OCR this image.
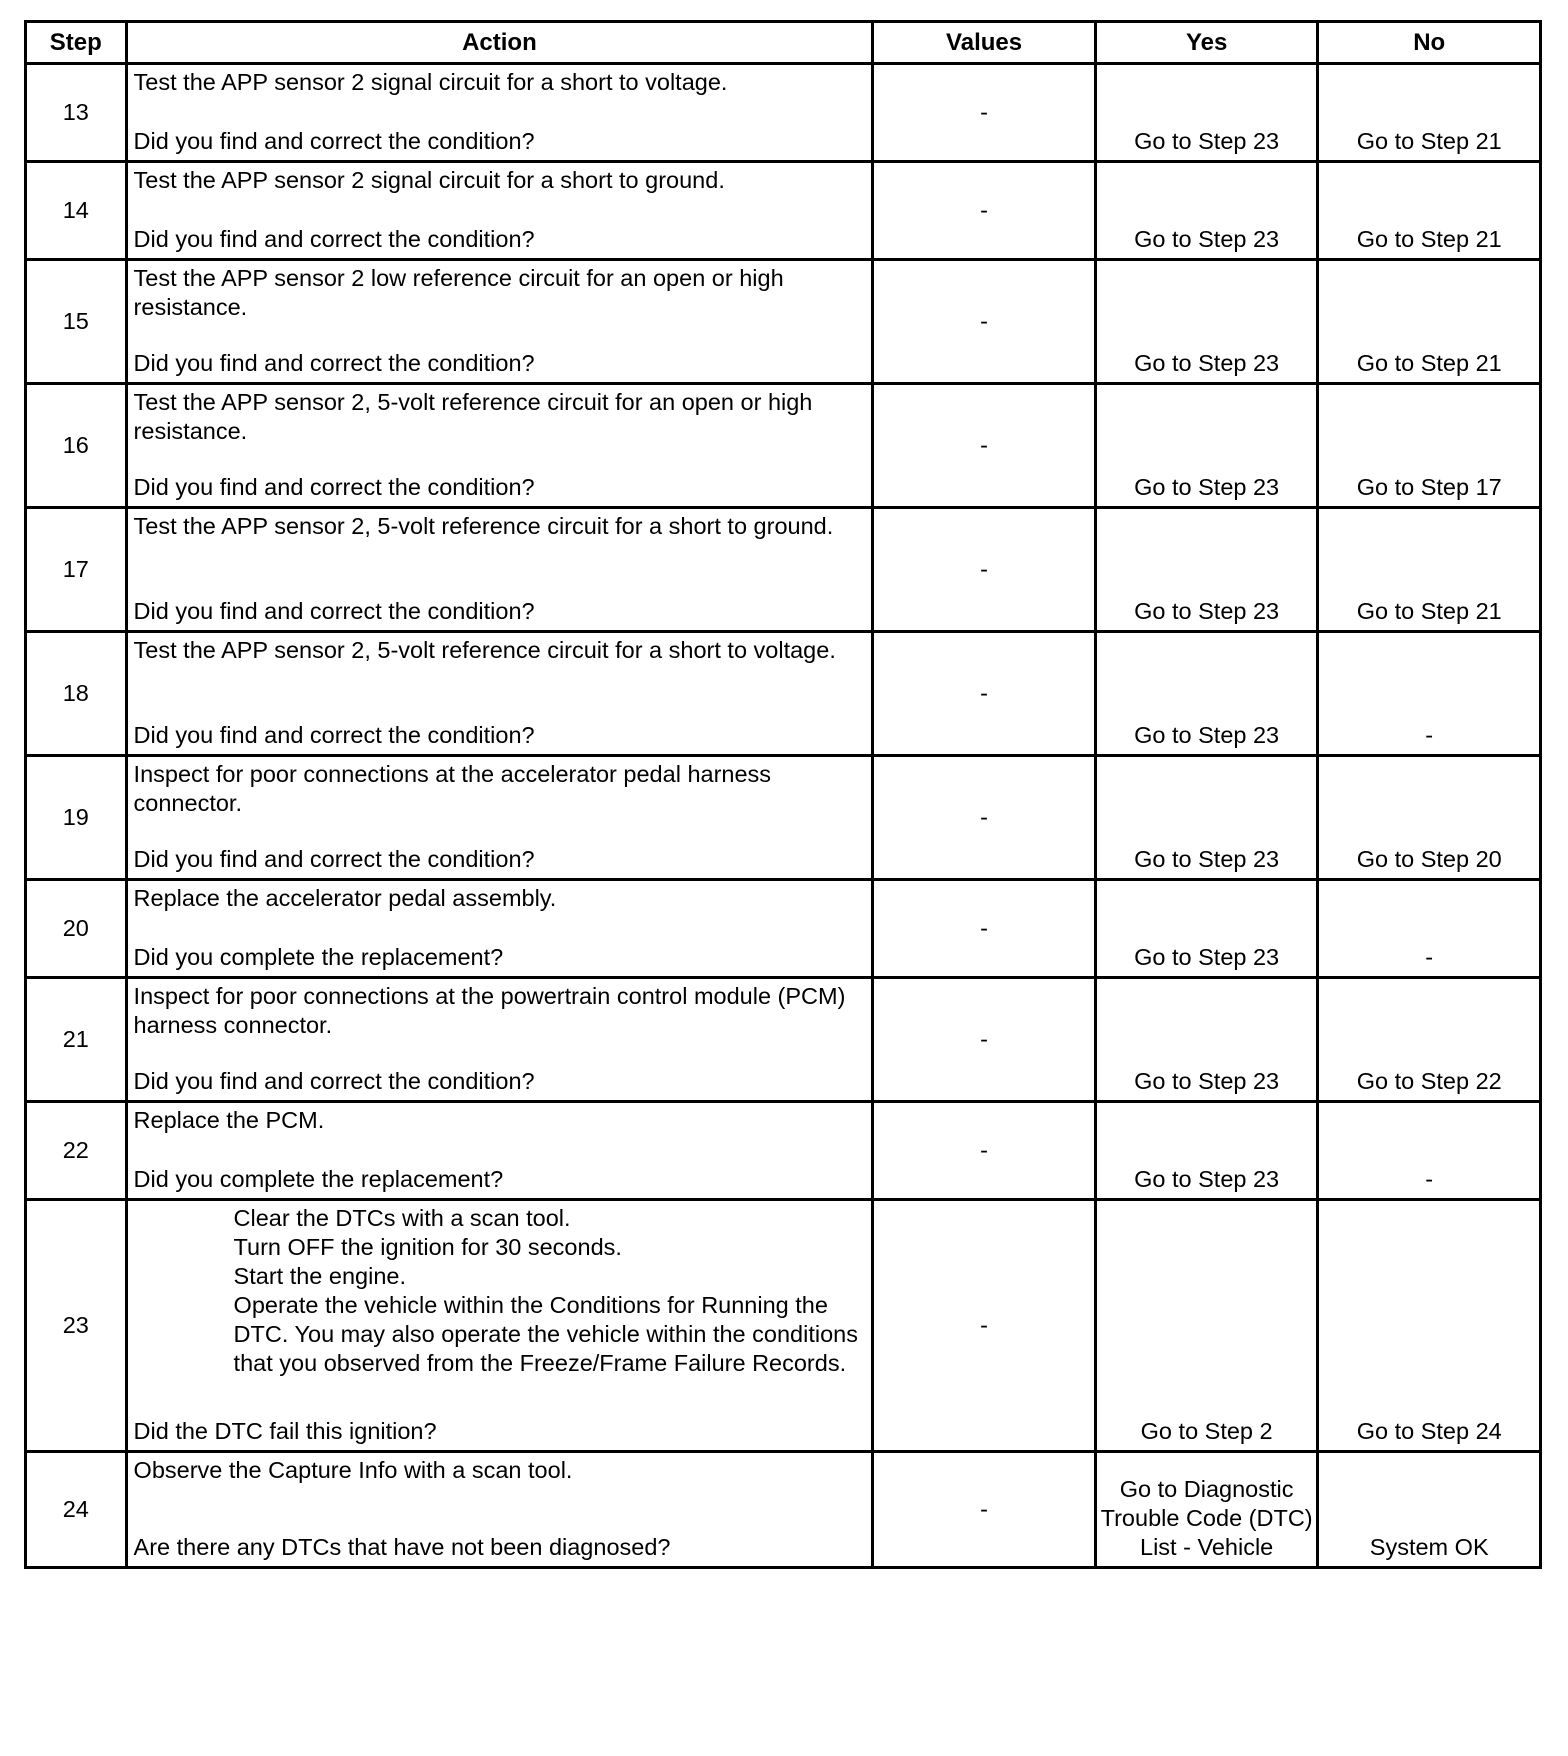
Step	Action	Values	Yes	No
13	Test the APP sensor 2 signal circuit for a short to voltage.
Did you find and correct the condition?	-	Go to Step 23	Go to Step 21
14	Test the APP sensor 2 signal circuit for a short to ground.
Did you find and correct the condition?	-	Go to Step 23	Go to Step 21
15	Test the APP sensor 2 low reference circuit for an open or high resistance.
Did you find and correct the condition?	-	Go to Step 23	Go to Step 21
16	Test the APP sensor 2, 5-volt reference circuit for an open or high resistance.
Did you find and correct the condition?	-	Go to Step 23	Go to Step 17
17	Test the APP sensor 2, 5-volt reference circuit for a short to ground.
Did you find and correct the condition?	-	Go to Step 23	Go to Step 21
18	Test the APP sensor 2, 5-volt reference circuit for a short to voltage.
Did you find and correct the condition?	-	Go to Step 23	-
19	Inspect for poor connections at the accelerator pedal harness connector.
Did you find and correct the condition?	-	Go to Step 23	Go to Step 20
20	Replace the accelerator pedal assembly.
Did you complete the replacement?	-	Go to Step 23	-
21	Inspect for poor connections at the powertrain control module (PCM) harness connector.
Did you find and correct the condition?	-	Go to Step 23	Go to Step 22
22	Replace the PCM.
Did you complete the replacement?	-	Go to Step 23	-
23	Clear the DTCs with a scan tool.
Turn OFF the ignition for 30 seconds.
Start the engine.
Operate the vehicle within the Conditions for Running the DTC. You may also operate the vehicle within the conditions that you observed from the Freeze/Frame Failure Records.
Did the DTC fail this ignition?	-	Go to Step 2	Go to Step 24
24	Observe the Capture Info with a scan tool.
Are there any DTCs that have not been diagnosed?	-	Go to Diagnostic Trouble Code (DTC) List - Vehicle	System OK
